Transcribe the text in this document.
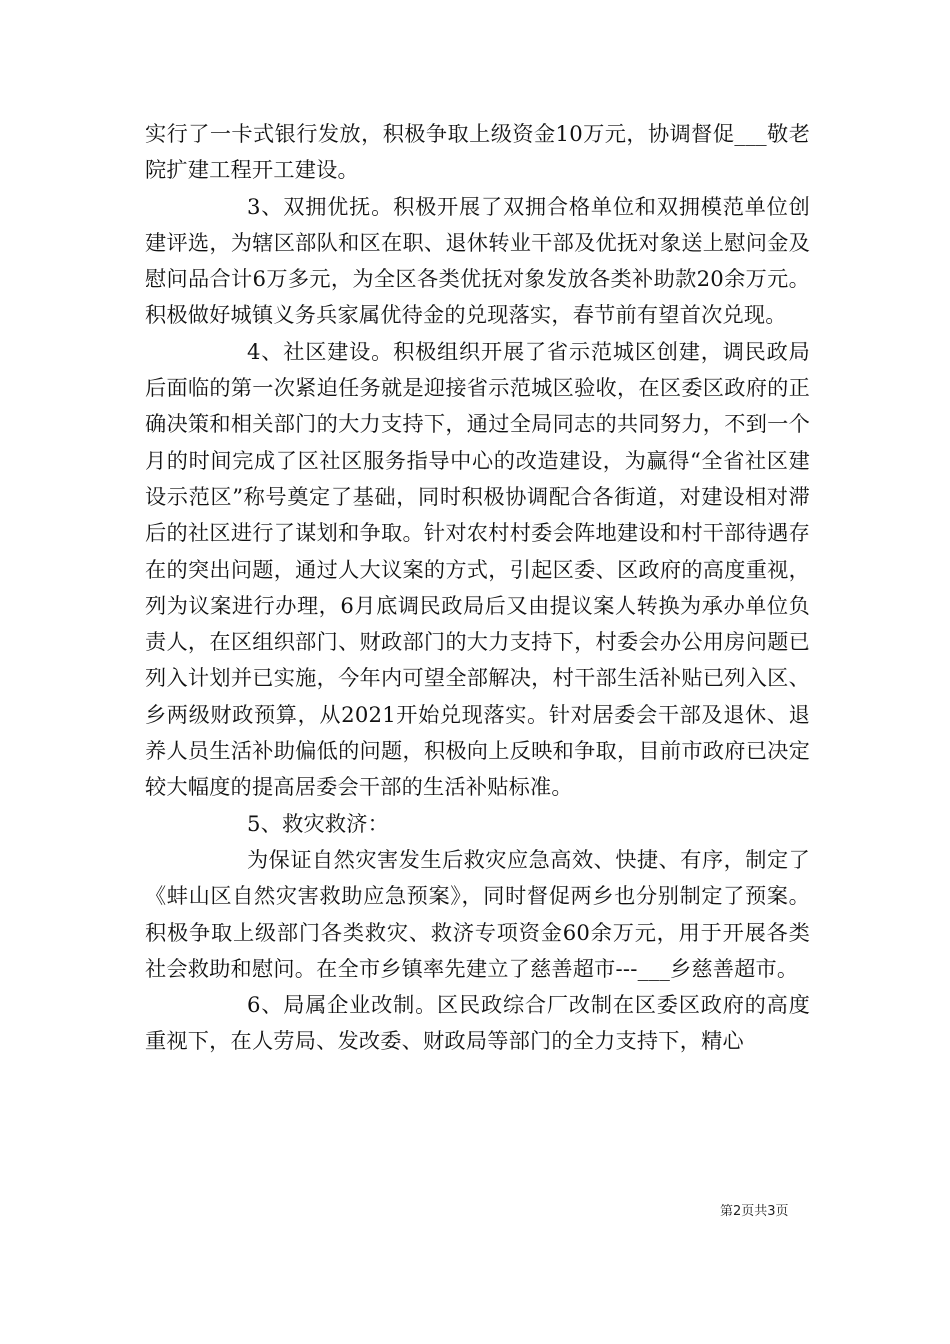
实行了一卡式银行发放，积极争取上级资金10万元，协调督促___敬老院扩建工程开工建设。

3、双拥优抚。积极开展了双拥合格单位和双拥模范单位创建评选，为辖区部队和区在职、退休转业干部及优抚对象送上慰问金及慰问品合计6万多元，为全区各类优抚对象发放各类补助款20余万元。积极做好城镇义务兵家属优待金的兑现落实，春节前有望首次兑现。

4、社区建设。积极组织开展了省示范城区创建，调民政局后面临的第一次紧迫任务就是迎接省示范城区验收，在区委区政府的正确决策和相关部门的大力支持下，通过全局同志的共同努力，不到一个月的时间完成了区社区服务指导中心的改造建设，为赢得“全省社区建设示范区”称号奠定了基础，同时积极协调配合各街道，对建设相对滞后的社区进行了谋划和争取。针对农村村委会阵地建设和村干部待遇存在的突出问题，通过人大议案的方式，引起区委、区政府的高度重视，列为议案进行办理，6月底调民政局后又由提议案人转换为承办单位负责人，在区组织部门、财政部门的大力支持下，村委会办公用房问题已列入计划并已实施，今年内可望全部解决，村干部生活补贴已列入区、乡两级财政预算，从2021开始兑现落实。针对居委会干部及退休、退养人员生活补助偏低的问题，积极向上反映和争取，目前市政府已决定较大幅度的提高居委会干部的生活补贴标准。

5、救灾救济：

为保证自然灾害发生后救灾应急高效、快捷、有序，制定了《蚌山区自然灾害救助应急预案》，同时督促两乡也分别制定了预案。积极争取上级部门各类救灾、救济专项资金60余万元，用于开展各类社会救助和慰问。在全市乡镇率先建立了慈善超市---___乡慈善超市。

6、局属企业改制。区民政综合厂改制在区委区政府的高度重视下，在人劳局、发改委、财政局等部门的全力支持下，精心

第2页共3页
